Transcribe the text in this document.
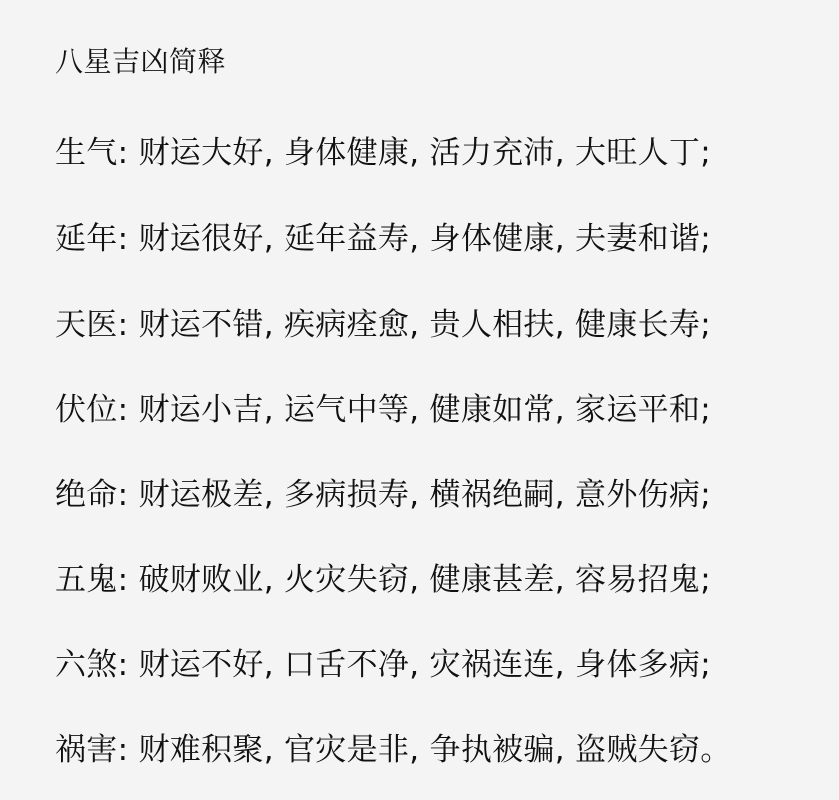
八星吉凶简释
生气: 财运大好, 身体健康, 活力充沛, 大旺人丁;
延年: 财运很好, 延年益寿, 身体健康, 夫妻和谐;
天医: 财运不错, 疾病痊愈, 贵人相扶, 健康长寿;
伏位: 财运小吉, 运气中等, 健康如常, 家运平和;
绝命: 财运极差, 多病损寿, 横祸绝嗣, 意外伤病;
五鬼: 破财败业, 火灾失窃, 健康甚差, 容易招鬼;
六煞: 财运不好, 口舌不净, 灾祸连连, 身体多病;
祸害: 财难积聚, 官灾是非, 争执被骗, 盗贼失窃。
